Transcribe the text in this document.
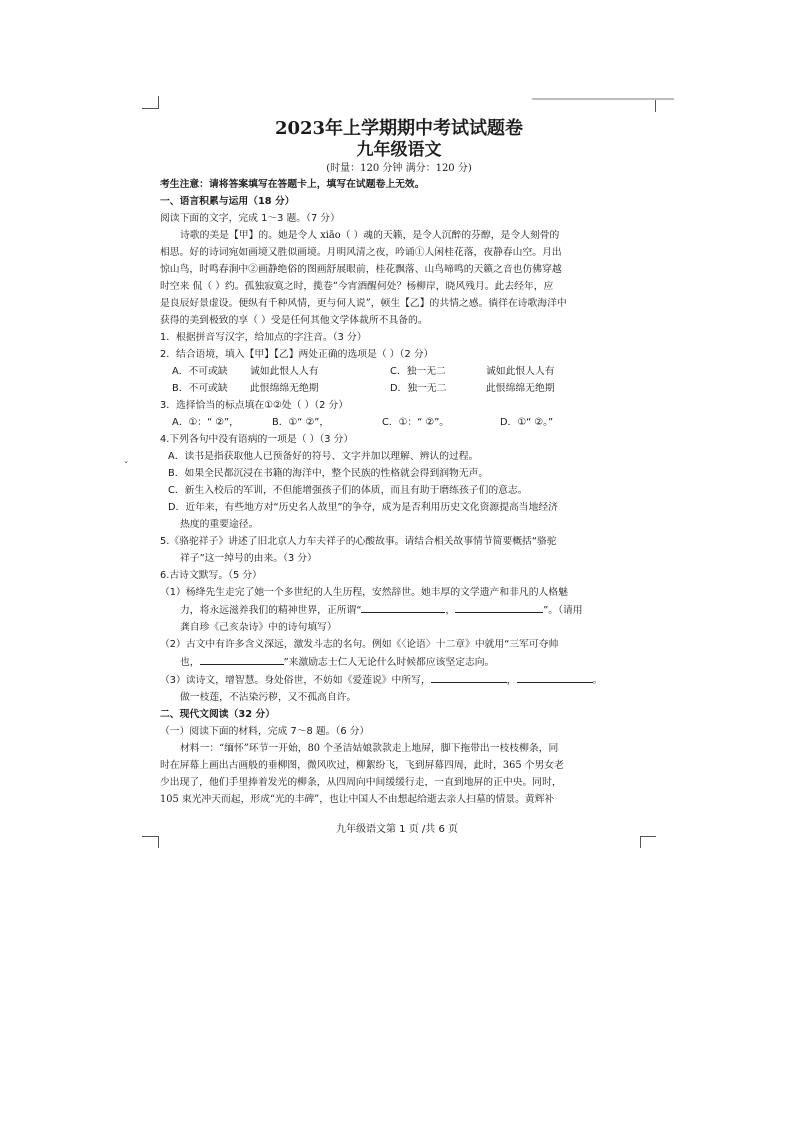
ˇ
2023年上学期期中考试试题卷
九年级语文
(时量：120 分钟 满分：120 分)
考生注意：请将答案填写在答题卡上，填写在试题卷上无效。
一、语言积累与运用（18 分）
阅读下面的文字，完成 1～3 题。（7 分）
诗歌的美是【甲】的。她是令人 xiāo（ ）魂的天籁，是令人沉醉的芬醇，是令人刻骨的
相思。好的诗词宛如画境又胜似画境。月明风清之夜，吟诵①人闲桂花落，夜静春山空。月出
惊山鸟，时鸣春涧中②画静绝俗的图画舒展眼前，桂花飘落、山鸟啼鸣的天籁之音也仿佛穿越
时空来 侃（ ）约。孤独寂寞之时，揽卷“今宵酒醒何处？杨柳岸，晓风残月。此去经年，应
是良辰好景虚设。便纵有千种风情，更与何人说”，顿生【乙】的共情之感。徜徉在诗歌海洋中
获得的美到极致的享（ ）受是任何其他文学体裁所不具备的。
1．根据拼音写汉字，给加点的字注音。（3 分）
2．结合语境，填入【甲】【乙】两处正确的选项是（ ）（2 分）
A．不可或缺	诚如此恨人人有	C．独一无二	诚如此恨人人有
B．不可或缺	此恨绵绵无绝期	D．独一无二	此恨绵绵无绝期
3．选择恰当的标点填在①②处（ ）（2 分）
A．①：“ ②”，	B．①“ ②”，	C．①：“ ②”。	D．①“ ②。”
4.下列各句中没有语病的一项是（ ）（3 分）
A．读书是指获取他人已预备好的符号、文字并加以理解、辨认的过程。
B．如果全民都沉浸在书籍的海洋中，整个民族的性格就会得到润物无声。
C．新生入校后的军训，不但能增强孩子们的体质，而且有助于磨练孩子们的意志。
D．近年来，有些地方对“历史名人故里”的争夺，成为是否利用历史文化资源提高当地经济
热度的重要途径。
5.《骆驼祥子》讲述了旧北京人力车夫祥子的心酸故事。请结合相关故事情节简要概括“骆驼
祥子”这一绰号的由来。（3 分）
6.古诗文默写。（5 分）
（1）杨绛先生走完了她一个多世纪的人生历程，安然辞世。她丰厚的文学遗产和非凡的人格魅
力，将永远滋养我们的精神世界，正所谓“	，	”。（请用
龚自珍《己亥杂诗》中的诗句填写）
（2）古文中有许多含义深远，激发斗志的名句。例如《〈论语〉十二章》中就用“三军可夺帅
也，	”来激励志士仁人无论什么时候都应该坚定志向。
（3）读诗文，增智慧。身处俗世，不妨如《爱莲说》中所写，	，	。
做一枝莲，不沾染污秽，又不孤高自许。
二、现代文阅读（32 分）
（一）阅读下面的材料，完成 7～8 题。（6 分）
材料一：“缅怀”环节一开始，80 个圣洁姑娘款款走上地屏，脚下拖带出一枝枝柳条，同
时在屏幕上画出古画般的垂柳图，微风吹过，柳絮纷飞，飞到屏幕四周，此时，365 个男女老
少出现了，他们手里捧着发光的柳条，从四周向中间缓缓行走，一直到地屏的正中央。同时，
105 束光冲天而起，形成“光的丰碑”，也让中国人不由想起给逝去亲人扫墓的情景。黄辉补
九年级语文第 1 页 /共 6 页
